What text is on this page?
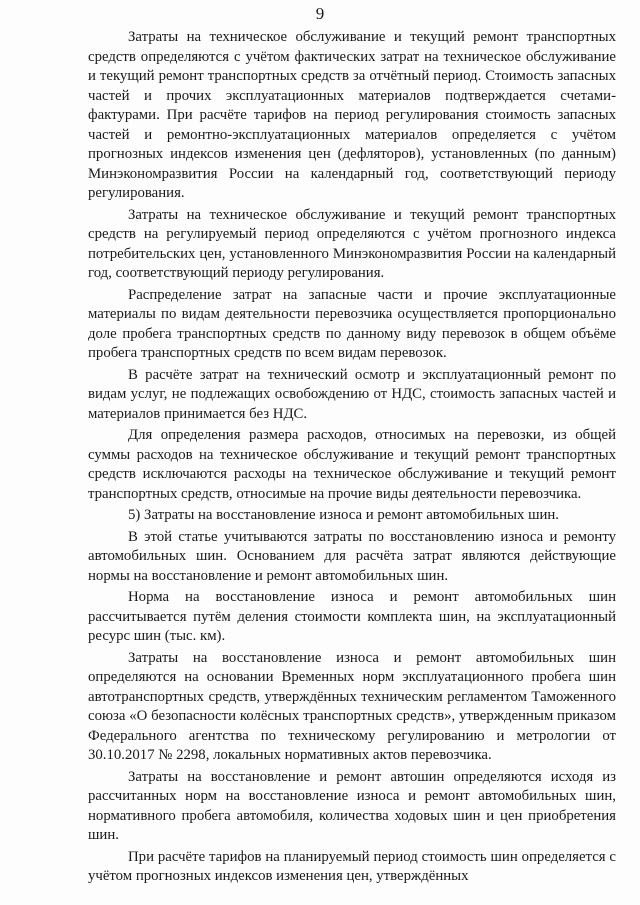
9

Затраты на техническое обслуживание и текущий ремонт транспортных средств определяются с учётом фактических затрат на техническое обслуживание и текущий ремонт транспортных средств за отчётный период. Стоимость запасных частей и прочих эксплуатационных материалов подтверждается счетами-фактурами. При расчёте тарифов на период регулирования стоимость запасных частей и ремонтно-эксплуатационных материалов определяется с учётом прогнозных индексов изменения цен (дефляторов), установленных (по данным) Минэкономразвития России на календарный год, соответствующий периоду регулирования.

Затраты на техническое обслуживание и текущий ремонт транспортных средств на регулируемый период определяются с учётом прогнозного индекса потребительских цен, установленного Минэкономразвития России на календарный год, соответствующий периоду регулирования.

Распределение затрат на запасные части и прочие эксплуатационные материалы по видам деятельности перевозчика осуществляется пропорционально доле пробега транспортных средств по данному виду перевозок в общем объёме пробега транспортных средств по всем видам перевозок.

В расчёте затрат на технический осмотр и эксплуатационный ремонт по видам услуг, не подлежащих освобождению от НДС, стоимость запасных частей и материалов принимается без НДС.

Для определения размера расходов, относимых на перевозки, из общей суммы расходов на техническое обслуживание и текущий ремонт транспортных средств исключаются расходы на техническое обслуживание и текущий ремонт транспортных средств, относимые на прочие виды деятельности перевозчика.

5) Затраты на восстановление износа и ремонт автомобильных шин.

В этой статье учитываются затраты по восстановлению износа и ремонту автомобильных шин. Основанием для расчёта затрат являются действующие нормы на восстановление и ремонт автомобильных шин.

Норма на восстановление износа и ремонт автомобильных шин рассчитывается путём деления стоимости комплекта шин, на эксплуатационный ресурс шин (тыс. км).

Затраты на восстановление износа и ремонт автомобильных шин определяются на основании Временных норм эксплуатационного пробега шин автотранспортных средств, утверждённых техническим регламентом Таможенного союза «О безопасности колёсных транспортных средств», утвержденным приказом Федерального агентства по техническому регулированию и метрологии от 30.10.2017 № 2298, локальных нормативных актов перевозчика.

Затраты на восстановление и ремонт автошин определяются исходя из рассчитанных норм на восстановление износа и ремонт автомобильных шин, нормативного пробега автомобиля, количества ходовых шин и цен приобретения шин.

При расчёте тарифов на планируемый период стоимость шин определяется с учётом прогнозных индексов изменения цен, утверждённых
